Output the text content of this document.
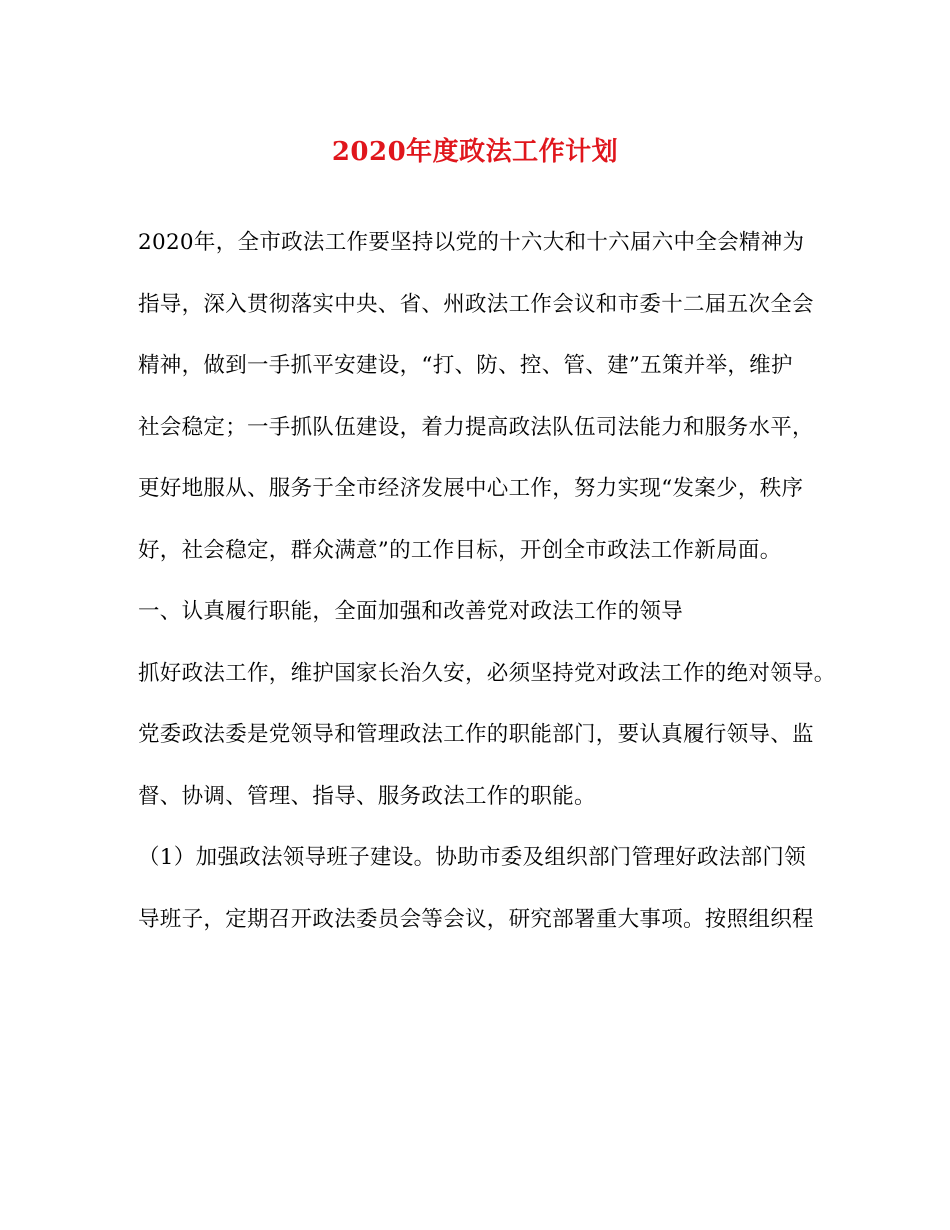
2020年度政法工作计划
2020年，全市政法工作要坚持以党的十六大和十六届六中全会精神为
指导，深入贯彻落实中央、省、州政法工作会议和市委十二届五次全会
精神，做到一手抓平安建设，“打、防、控、管、建”五策并举，维护
社会稳定；一手抓队伍建设，着力提高政法队伍司法能力和服务水平，
更好地服从、服务于全市经济发展中心工作，努力实现“发案少，秩序
好，社会稳定，群众满意”的工作目标，开创全市政法工作新局面。
一、认真履行职能，全面加强和改善党对政法工作的领导
抓好政法工作，维护国家长治久安，必须坚持党对政法工作的绝对领导。
党委政法委是党领导和管理政法工作的职能部门，要认真履行领导、监
督、协调、管理、指导、服务政法工作的职能。
（1）加强政法领导班子建设。协助市委及组织部门管理好政法部门领
导班子，定期召开政法委员会等会议，研究部署重大事项。按照组织程
